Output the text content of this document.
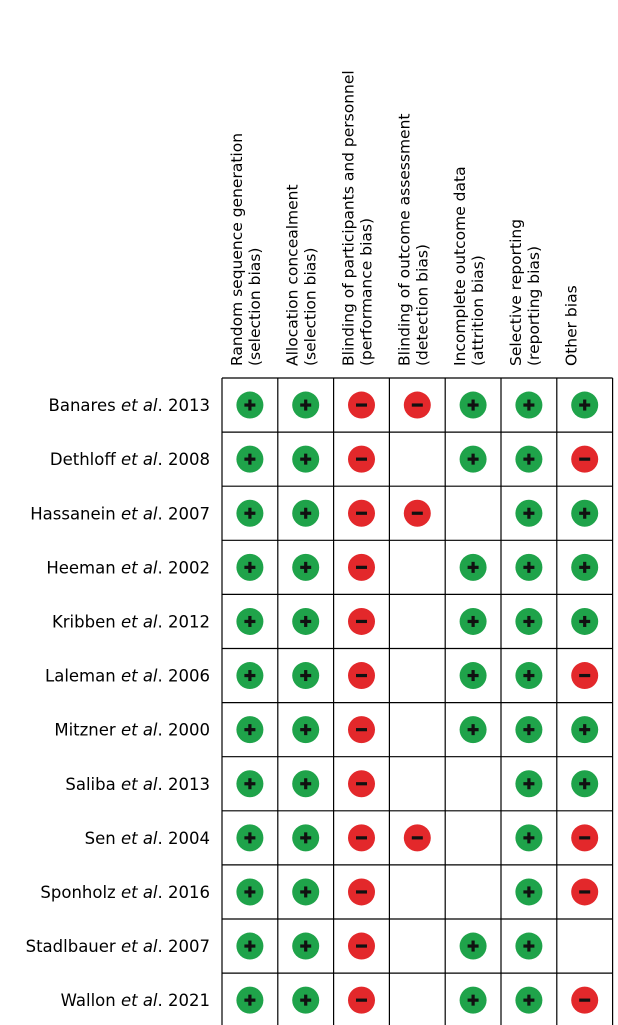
Random sequence generation (selection bias) Allocation concealment (selection bias) Blinding of participants and personnel (performance bias) Blinding of outcome assessment (detection bias) Incomplete outcome data (attrition bias) Selective reporting (reporting bias) Other bias
Banares et al. 2013
Dethloff et al. 2008
Hassanein et al. 2007
Heeman et al. 2002
Kribben et al. 2012
Laleman et al. 2006
Mitzner et al. 2000
Saliba et al. 2013
Sen et al. 2004
Sponholz et al. 2016
Stadlbauer et al. 2007
Wallon et al. 2021
